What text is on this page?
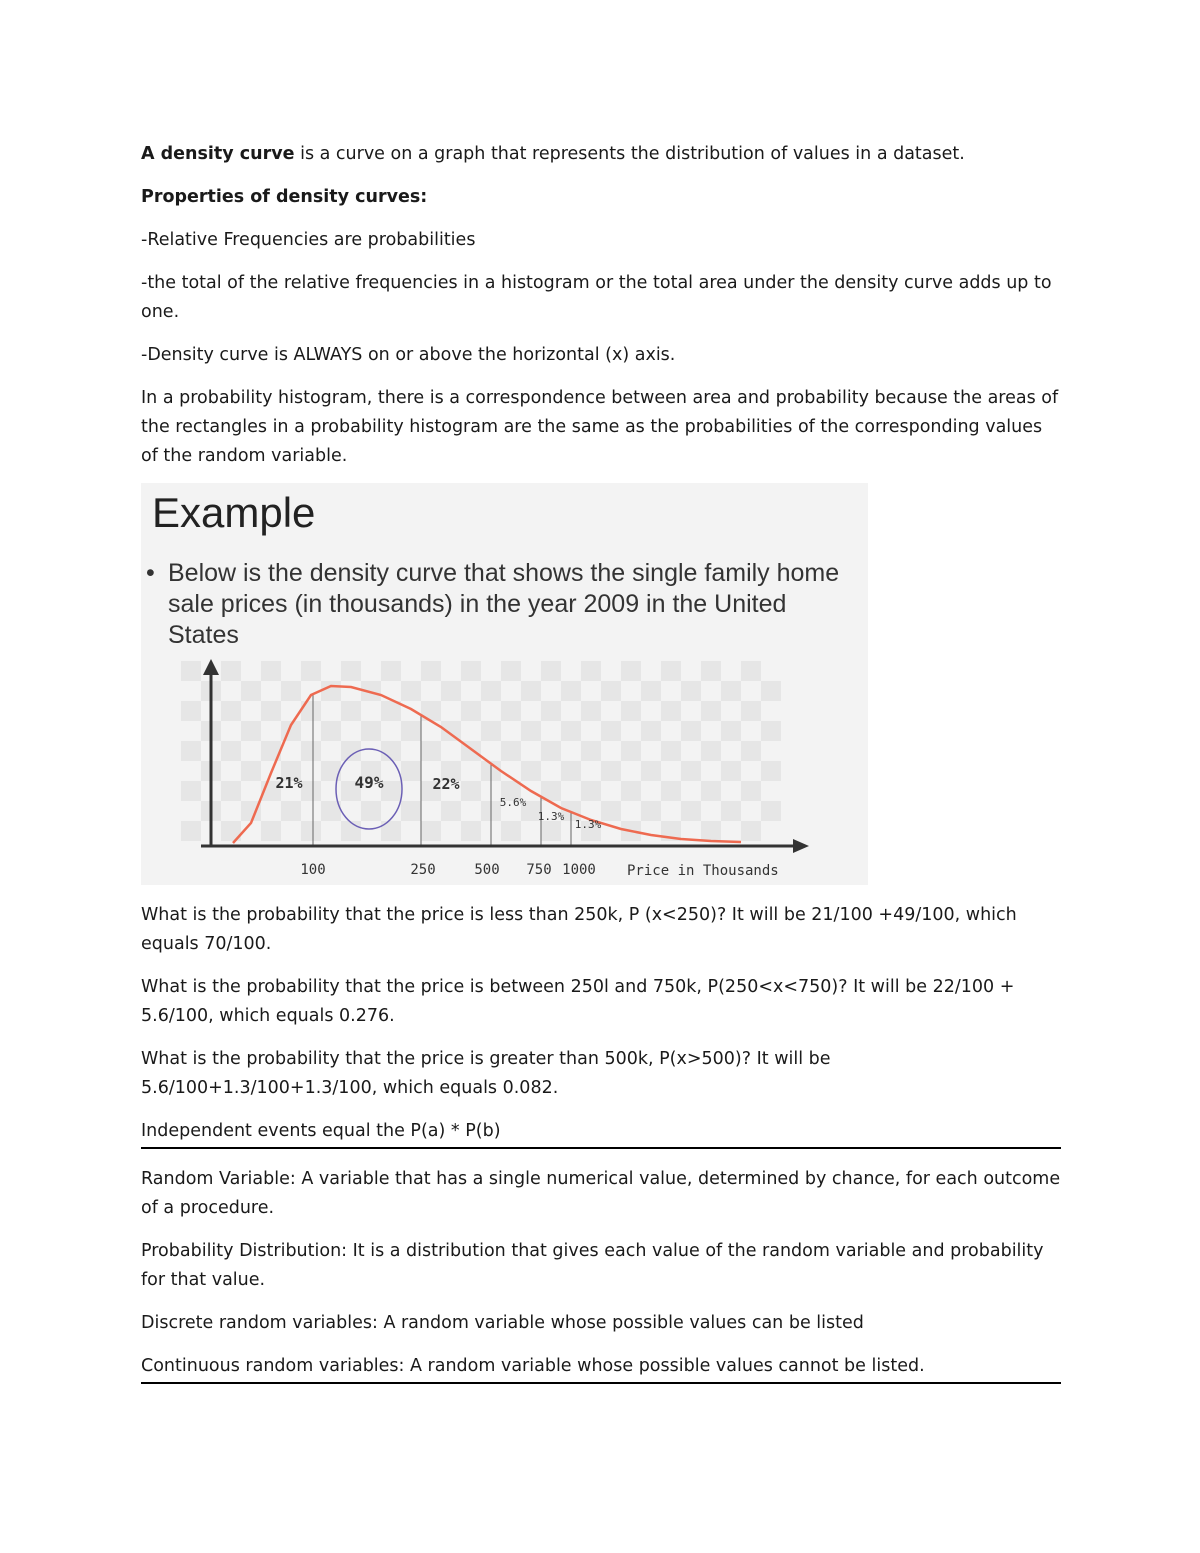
A density curve is a curve on a graph that represents the distribution of values in a dataset.

Properties of density curves:

-Relative Frequencies are probabilities

-the total of the relative frequencies in a histogram or the total area under the density curve adds up to one.

-Density curve is ALWAYS on or above the horizontal (x) axis.

In a probability histogram, there is a correspondence between area and probability because the areas of the rectangles in a probability histogram are the same as the probabilities of the corresponding values of the random variable.

Example

• Below is the density curve that shows the single family home sale prices (in thousands) in the year 2009 in the United States
21%	49%	22%
5.6%
1.3%
1.3%
100	250	500 750 1000 Price in Thousands

What is the probability that the price is less than 250k, P (x<250)? It will be 21/100 +49/100, which equals 70/100.

What is the probability that the price is between 250l and 750k, P(250<x<750)? It will be 22/100 + 5.6/100, which equals 0.276.

What is the probability that the price is greater than 500k, P(x>500)? It will be 5.6/100+1.3/100+1.3/100, which equals 0.082.

Independent events equal the P(a) * P(b)

Random Variable: A variable that has a single numerical value, determined by chance, for each outcome of a procedure.

Probability Distribution: It is a distribution that gives each value of the random variable and probability for that value.

Discrete random variables: A random variable whose possible values can be listed

Continuous random variables: A random variable whose possible values cannot be listed.
